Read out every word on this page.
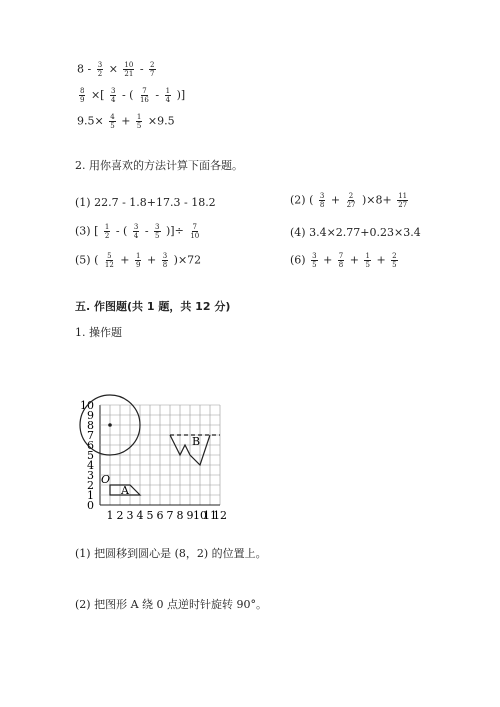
$8 - \frac{3}{2} \times \frac{10}{21} - \frac{2}{7}$
$\frac{8}{9}$ ×[ $\frac{3}{4}$ - ( $\frac{7}{16} - \frac{1}{4}$ )]
$9.5\times \frac{4}{5} + \frac{1}{5} \times 9.5$
2. 用你喜欢的方法计算下面各题。
(1) 22.7 - 1.8+17.3 - 18.2	(2) ( $\frac{3}{8} + \frac{2}{27} )\times 8+ \frac{11}{27}$
(3) [ $\frac{1}{2}$ - ( $\frac{3}{4} - \frac{3}{5}$ )]÷ $\frac{7}{10}$	(4) 3.4×2.77+0.23×3.4
(5) ( $\frac{5}{12} + \frac{1}{9} + \frac{3}{8} )\times 72$	$(6) \frac{3}{5} + \frac{7}{8} + \frac{1}{5} + \frac{2}{5}$
五. 作图题(共 1 题，共 12 分)
1. 操作题
10
9
8
7
6
5
4
3
2
1
0
1 2 3 4 5 6 7 8 9 10
11
12
O
A
B
(1) 把圆移到圆心是 (8，2) 的位置上。
(2) 把图形 A 绕 0 点逆时针旋转 90°。
